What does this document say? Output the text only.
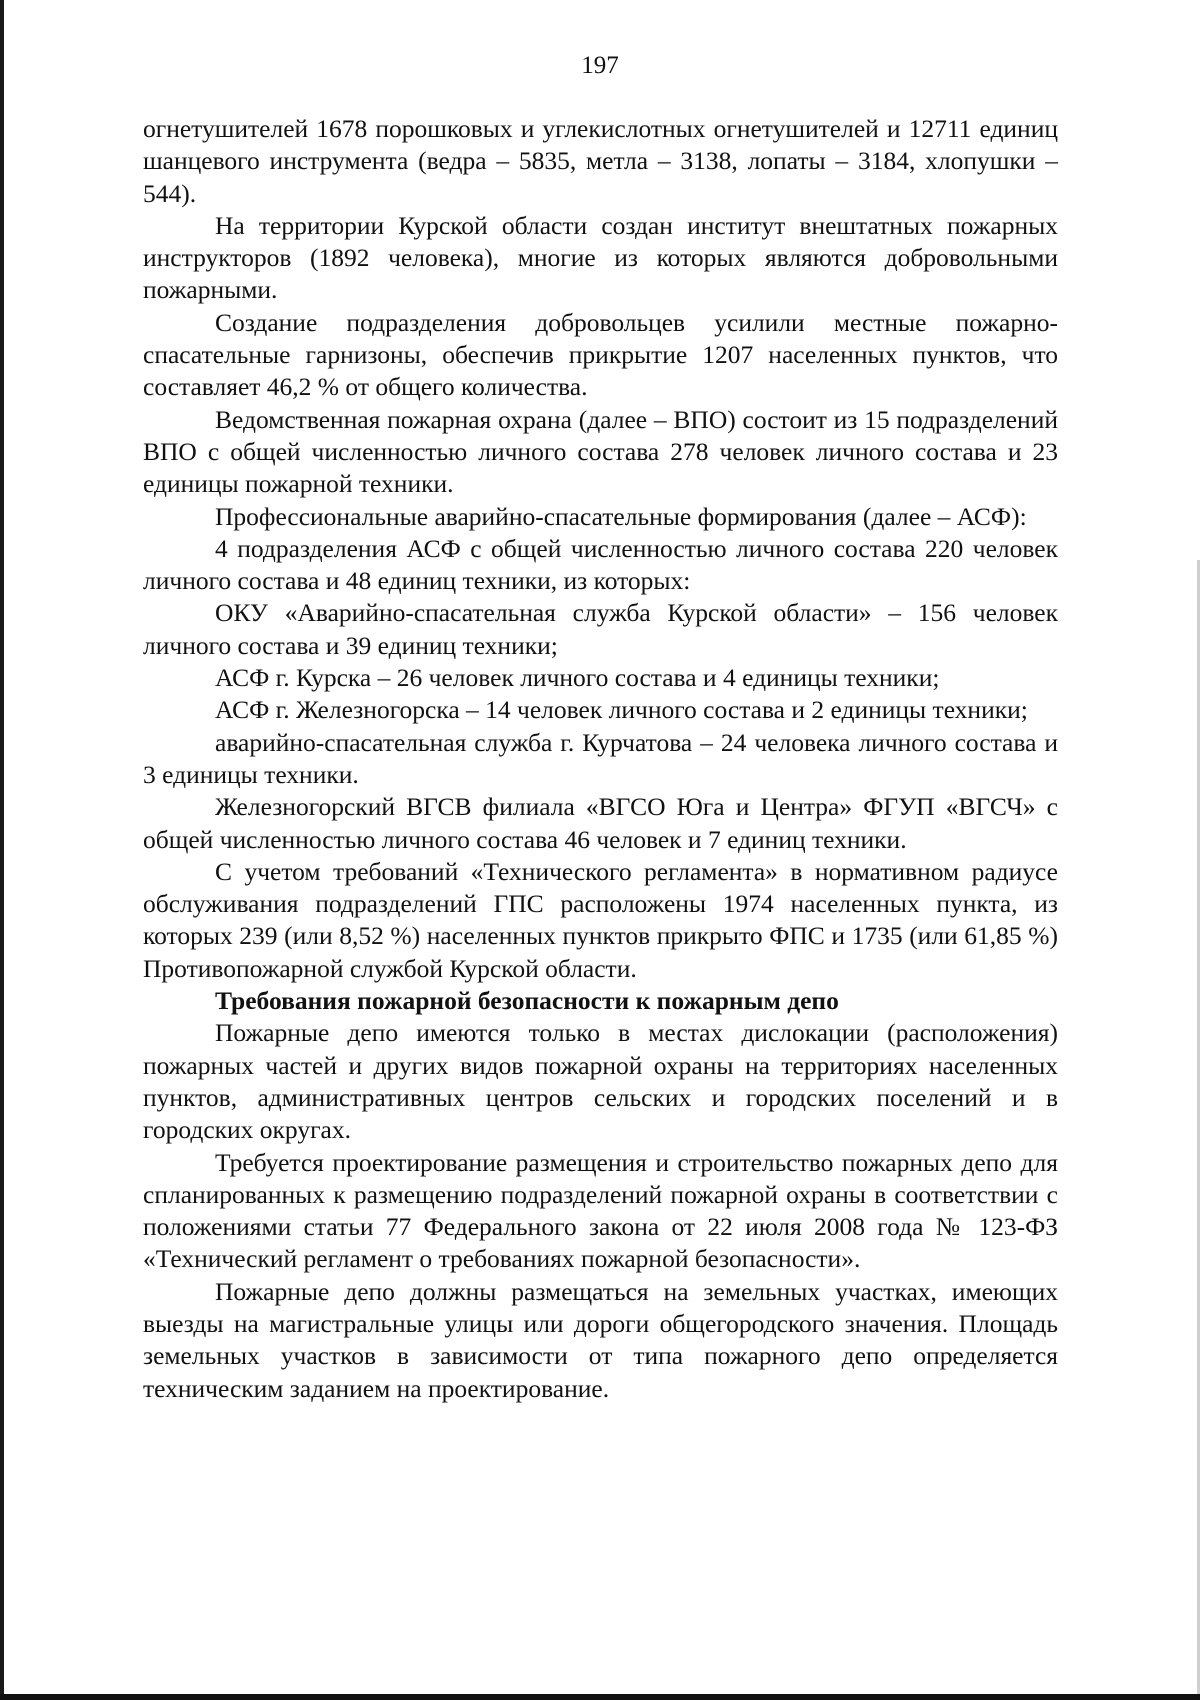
197

огнетушителей 1678 порошковых и углекислотных огнетушителей и 12711 единиц шанцевого инструмента (ведра – 5835, метла – 3138, лопаты – 3184, хлопушки – 544).

На территории Курской области создан институт внештатных пожарных инструкторов (1892 человека), многие из которых являются добровольными пожарными.

Создание подразделения добровольцев усилили местные пожарно-спасательные гарнизоны, обеспечив прикрытие 1207 населенных пунктов, что составляет 46,2 % от общего количества.

Ведомственная пожарная охрана (далее – ВПО) состоит из 15 подразделений ВПО с общей численностью личного состава 278 человек личного состава и 23 единицы пожарной техники.

Профессиональные аварийно-спасательные формирования (далее – АСФ):

4 подразделения АСФ с общей численностью личного состава 220 человек личного состава и 48 единиц техники, из которых:

ОКУ «Аварийно-спасательная служба Курской области» – 156 человек личного состава и 39 единиц техники;

АСФ г. Курска – 26 человек личного состава и 4 единицы техники;

АСФ г. Железногорска – 14 человек личного состава и 2 единицы техники;

аварийно-спасательная служба г. Курчатова – 24 человека личного состава и 3 единицы техники.

Железногорский ВГСВ филиала «ВГСО Юга и Центра» ФГУП «ВГСЧ» с общей численностью личного состава 46 человек и 7 единиц техники.

С учетом требований «Технического регламента» в нормативном радиусе обслуживания подразделений ГПС расположены 1974 населенных пункта, из которых 239 (или 8,52 %) населенных пунктов прикрыто ФПС и 1735 (или 61,85 %) Противопожарной службой Курской области.

Требования пожарной безопасности к пожарным депо

Пожарные депо имеются только в местах дислокации (расположения) пожарных частей и других видов пожарной охраны на территориях населенных пунктов, административных центров сельских и городских поселений и в городских округах.

Требуется проектирование размещения и строительство пожарных депо для спланированных к размещению подразделений пожарной охраны в соответствии с положениями статьи 77 Федерального закона от 22 июля 2008 года № 123-ФЗ «Технический регламент о требованиях пожарной безопасности».

Пожарные депо должны размещаться на земельных участках, имеющих выезды на магистральные улицы или дороги общегородского значения. Площадь земельных участков в зависимости от типа пожарного депо определяется техническим заданием на проектирование.
